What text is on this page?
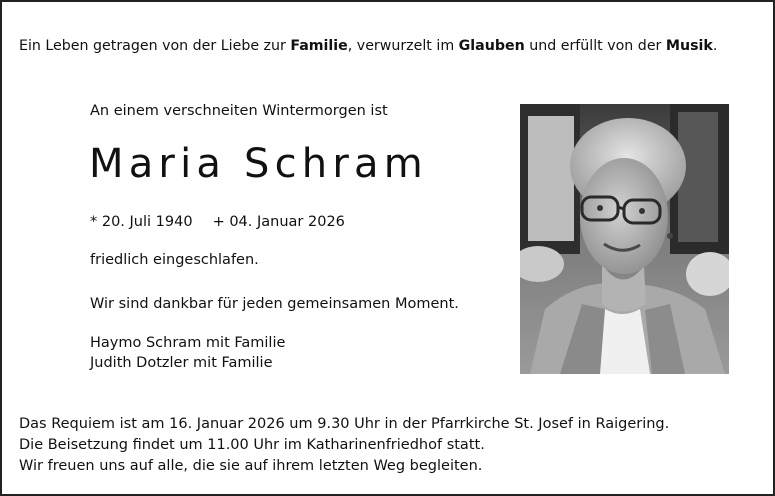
Ein Leben getragen von der Liebe zur Familie, verwurzelt im Glauben und erfüllt von der Musik.
An einem verschneiten Wintermorgen ist
Maria Schram
* 20. Juli 1940 + 04. Januar 2026
friedlich eingeschlafen.
Wir sind dankbar für jeden gemeinsamen Moment.
Haymo Schram mit Familie
Judith Dotzler mit Familie
Das Requiem ist am 16. Januar 2026 um 9.30 Uhr in der Pfarrkirche St. Josef in Raigering.
Die Beisetzung findet um 11.00 Uhr im Katharinenfriedhof statt.
Wir freuen uns auf alle, die sie auf ihrem letzten Weg begleiten.
